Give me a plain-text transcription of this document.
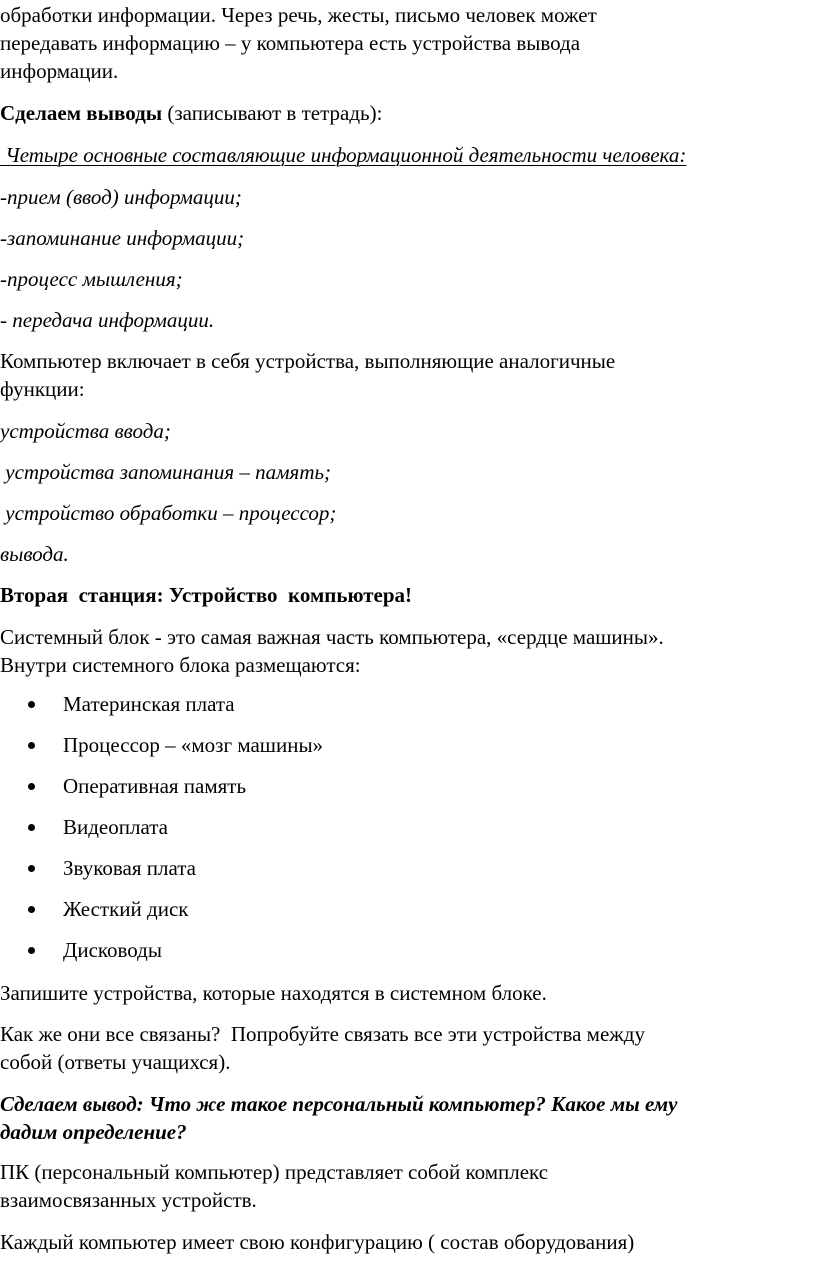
обработки информации. Через речь, жесты, письмо человек может
передавать информацию – у компьютера есть устройства вывода
информации.
Сделаем выводы (записывают в тетрадь):
Четыре основные составляющие информационной деятельности человека:
-прием (ввод) информации;
-запоминание информации;
-процесс мышления;
- передача информации.
Компьютер включает в себя устройства, выполняющие аналогичные
функции:
устройства ввода;
устройства запоминания – память;
устройство обработки – процессор;
вывода.
Вторая  станция: Устройство  компьютера!
Системный блок - это самая важная часть компьютера, «сердце машины».
Внутри системного блока размещаются:
Материнская плата
Процессор – «мозг машины»
Оперативная память
Видеоплата
Звуковая плата
Жесткий диск
Дисководы
Запишите устройства, которые находятся в системном блоке.
Как же они все связаны?  Попробуйте связать все эти устройства между
собой (ответы учащихся).
Сделаем вывод: Что же такое персональный компьютер? Какое мы ему
дадим определение?
ПК (персональный компьютер) представляет собой комплекс
взаимосвязанных устройств.
Каждый компьютер имеет свою конфигурацию ( состав оборудования)
